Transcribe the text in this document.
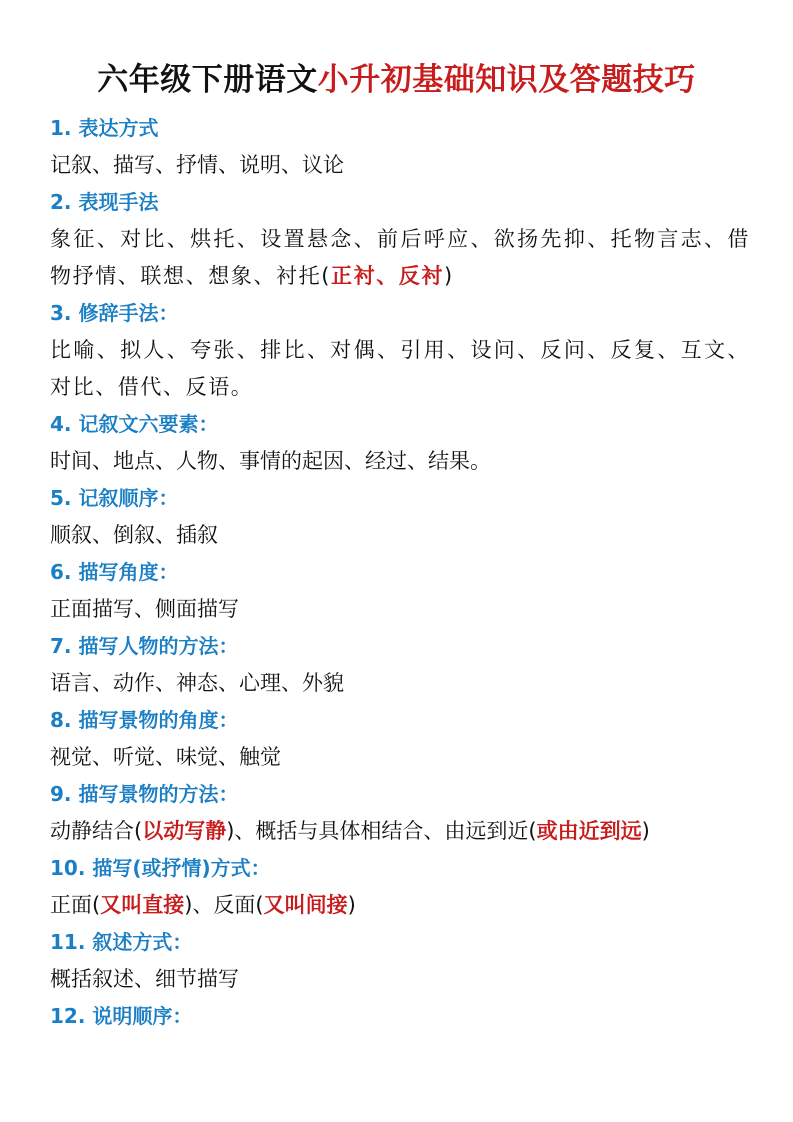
六年级下册语文小升初基础知识及答题技巧
1. 表达方式
记叙、描写、抒情、说明、议论
2. 表现手法
象征、对比、烘托、设置悬念、前后呼应、欲扬先抑、托物言志、借物抒情、联想、想象、衬托(正衬、反衬)
3. 修辞手法：
比喻、拟人、夸张、排比、对偶、引用、设问、反问、反复、互文、对比、借代、反语。
4. 记叙文六要素：
时间、地点、人物、事情的起因、经过、结果。
5. 记叙顺序：
顺叙、倒叙、插叙
6. 描写角度：
正面描写、侧面描写
7. 描写人物的方法：
语言、动作、神态、心理、外貌
8. 描写景物的角度：
视觉、听觉、味觉、触觉
9. 描写景物的方法：
动静结合(以动写静)、概括与具体相结合、由远到近(或由近到远)
10. 描写(或抒情)方式：
正面(又叫直接)、反面(又叫间接)
11. 叙述方式：
概括叙述、细节描写
12. 说明顺序：
